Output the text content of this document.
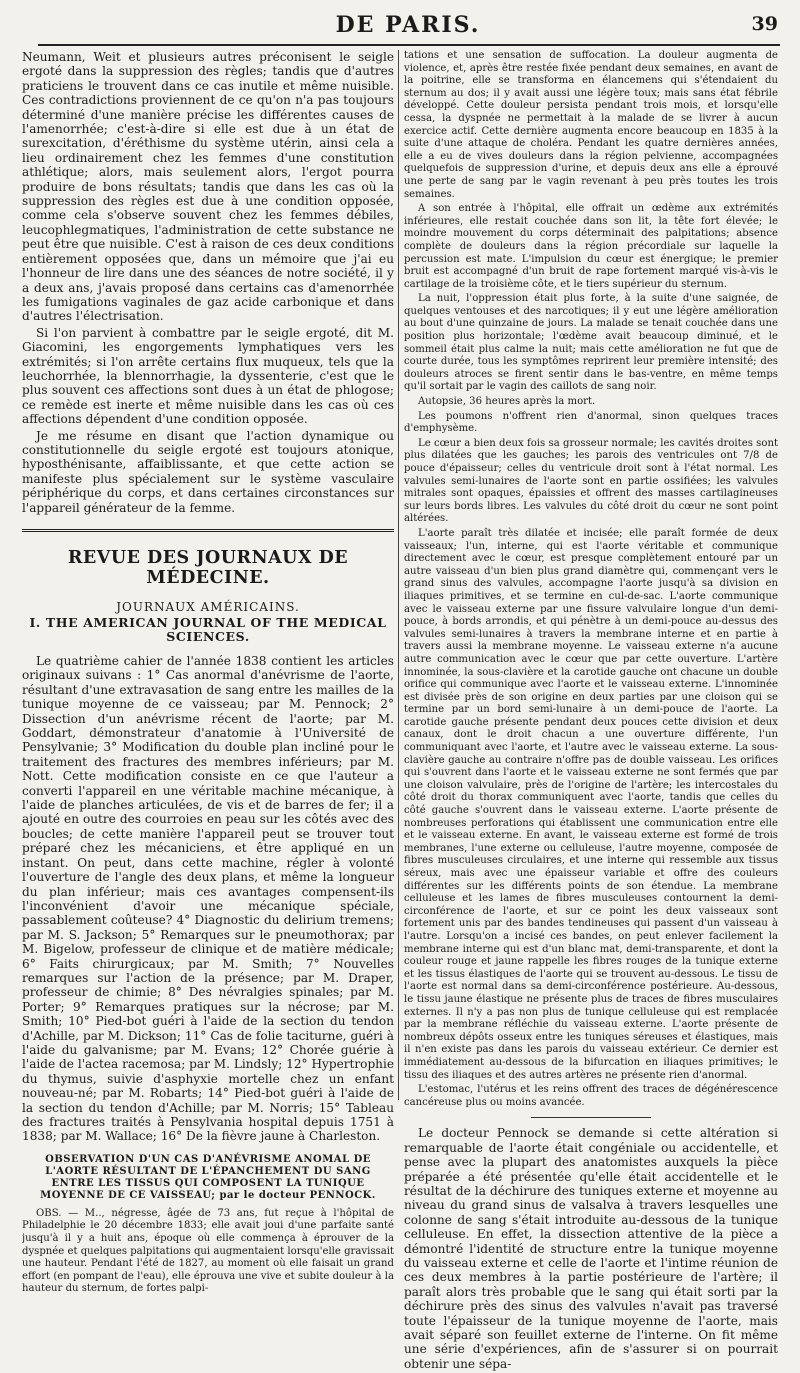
DE PARIS.	39

Neumann, Weit et plusieurs autres préconisent le seigle ergoté dans la suppression des règles; tandis que d'autres praticiens le trouvent dans ce cas inutile et même nuisible. Ces contradictions proviennent de ce qu'on n'a pas toujours déterminé d'une manière précise les différentes causes de l'amenorrhée; c'est-à-dire si elle est due à un état de surexcitation, d'éréthisme du système utérin, ainsi cela a lieu ordinairement chez les femmes d'une constitution athlétique; alors, mais seulement alors, l'ergot pourra produire de bons résultats; tandis que dans les cas où la suppression des règles est due à une condition opposée, comme cela s'observe souvent chez les femmes débiles, leucophlegmatiques, l'administration de cette substance ne peut être que nuisible. C'est à raison de ces deux conditions entièrement opposées que, dans un mémoire que j'ai eu l'honneur de lire dans une des séances de notre société, il y a deux ans, j'avais proposé dans certains cas d'amenorrhée les fumigations vaginales de gaz acide carbonique et dans d'autres l'électrisation.

Si l'on parvient à combattre par le seigle ergoté, dit M. Giacomini, les engorgements lymphatiques vers les extrémités; si l'on arrête certains flux muqueux, tels que la leuchorrhée, la blennorrhagie, la dyssenterie, c'est que le plus souvent ces affections sont dues à un état de phlogose; ce remède est inerte et même nuisible dans les cas où ces affections dépendent d'une condition opposée.

Je me résume en disant que l'action dynamique ou constitutionnelle du seigle ergoté est toujours atonique, hyposthénisante, affaiblissante, et que cette action se manifeste plus spécialement sur le système vasculaire périphérique du corps, et dans certaines circonstances sur l'appareil générateur de la femme.

REVUE DES JOURNAUX DE MÉDECINE.
JOURNAUX AMÉRICAINS.
I. THE AMERICAN JOURNAL OF THE MEDICAL SCIENCES.

Le quatrième cahier de l'année 1838 contient les articles originaux suivans : 1° Cas anormal d'anévrisme de l'aorte, résultant d'une extravasation de sang entre les mailles de la tunique moyenne de ce vaisseau; par M. Pennock; 2° Dissection d'un anévrisme récent de l'aorte; par M. Goddart, démonstrateur d'anatomie à l'Université de Pensylvanie; 3° Modification du double plan incliné pour le traitement des fractures des membres inférieurs; par M. Nott. Cette modification consiste en ce que l'auteur a converti l'appareil en une véritable machine mécanique, à l'aide de planches articulées, de vis et de barres de fer; il a ajouté en outre des courroies en peau sur les côtés avec des boucles; de cette manière l'appareil peut se trouver tout préparé chez les mécaniciens, et être appliqué en un instant. On peut, dans cette machine, régler à volonté l'ouverture de l'angle des deux plans, et même la longueur du plan inférieur; mais ces avantages compensent-ils l'inconvénient d'avoir une mécanique spéciale, passablement coûteuse? 4° Diagnostic du delirium tremens; par M. S. Jackson; 5° Remarques sur le pneumothorax; par M. Bigelow, professeur de clinique et de matière médicale; 6° Faits chirurgicaux; par M. Smith; 7° Nouvelles remarques sur l'action de la présence; par M. Draper, professeur de chimie; 8° Des névralgies spinales; par M. Porter; 9° Remarques pratiques sur la nécrose; par M. Smith; 10° Pied-bot guéri à l'aide de la section du tendon d'Achille, par M. Dickson; 11° Cas de folie taciturne, guéri à l'aide du galvanisme; par M. Evans; 12° Chorée guérie à l'aide de l'actea racemosa; par M. Lindsly; 12° Hypertrophie du thymus, suivie d'asphyxie mortelle chez un enfant nouveau-né; par M. Robarts; 14° Pied-bot guéri à l'aide de la section du tendon d'Achille; par M. Norris; 15° Tableau des fractures traités à Pensylvania hospital depuis 1751 à 1838; par M. Wallace; 16° De la fièvre jaune à Charleston.

OBSERVATION D'UN CAS D'ANÉVRISME ANOMAL DE L'AORTE RÉSULTANT DE L'ÉPANCHEMENT DU SANG ENTRE LES TISSUS QUI COMPOSENT LA TUNIQUE MOYENNE DE CE VAISSEAU; par le docteur PENNOCK.

OBS. — M.., négresse, âgée de 73 ans, fut reçue à l'hôpital de Philadelphie le 20 décembre 1833; elle avait joui d'une parfaite santé jusqu'à il y a huit ans, époque où elle commença à éprouver de la dyspnée et quelques palpitations qui augmentaient lorsqu'elle gravissait une hauteur. Pendant l'été de 1827, au moment où elle faisait un grand effort (en pompant de l'eau), elle éprouva une vive et subite douleur à la hauteur du sternum, de fortes palpi-

tations et une sensation de suffocation. La douleur augmenta de violence, et, après être restée fixée pendant deux semaines, en avant de la poitrine, elle se transforma en élancemens qui s'étendaient du sternum au dos; il y avait aussi une légère toux; mais sans état fébrile développé. Cette douleur persista pendant trois mois, et lorsqu'elle cessa, la dyspnée ne permettait à la malade de se livrer à aucun exercice actif. Cette dernière augmenta encore beaucoup en 1835 à la suite d'une attaque de choléra. Pendant les quatre dernières années, elle a eu de vives douleurs dans la région pelvienne, accompagnées quelquefois de suppression d'urine, et depuis deux ans elle a éprouvé une perte de sang par le vagin revenant à peu près toutes les trois semaines.

A son entrée à l'hôpital, elle offrait un œdème aux extrémités inférieures, elle restait couchée dans son lit, la tête fort élevée; le moindre mouvement du corps déterminait des palpitations; absence complète de douleurs dans la région précordiale sur laquelle la percussion est mate. L'impulsion du cœur est énergique; le premier bruit est accompagné d'un bruit de rape fortement marqué vis-à-vis le cartilage de la troisième côte, et le tiers supérieur du sternum.

La nuit, l'oppression était plus forte, à la suite d'une saignée, de quelques ventouses et des narcotiques; il y eut une légère amélioration au bout d'une quinzaine de jours. La malade se tenait couchée dans une position plus horizontale; l'œdème avait beaucoup diminué, et le sommeil était plus calme la nuit; mais cette amélioration ne fut que de courte durée, tous les symptômes reprirent leur première intensité; des douleurs atroces se firent sentir dans le bas-ventre, en même temps qu'il sortait par le vagin des caillots de sang noir.

Autopsie, 36 heures après la mort.

Les poumons n'offrent rien d'anormal, sinon quelques traces d'emphysème.

Le cœur a bien deux fois sa grosseur normale; les cavités droites sont plus dilatées que les gauches; les parois des ventricules ont 7/8 de pouce d'épaisseur; celles du ventricule droit sont à l'état normal. Les valvules semi-lunaires de l'aorte sont en partie ossifiées; les valvules mitrales sont opaques, épaissies et offrent des masses cartilagineuses sur leurs bords libres. Les valvules du côté droit du cœur ne sont point altérées.

L'aorte paraît très dilatée et incisée; elle paraît formée de deux vaisseaux; l'un, interne, qui est l'aorte véritable et communique directement avec le cœur, est presque complètement entouré par un autre vaisseau d'un bien plus grand diamètre qui, commençant vers le grand sinus des valvules, accompagne l'aorte jusqu'à sa division en iliaques primitives, et se termine en cul-de-sac. L'aorte communique avec le vaisseau externe par une fissure valvulaire longue d'un demi-pouce, à bords arrondis, et qui pénètre à un demi-pouce au-dessus des valvules semi-lunaires à travers la membrane interne et en partie à travers aussi la membrane moyenne. Le vaisseau externe n'a aucune autre communication avec le cœur que par cette ouverture. L'artère innominée, la sous-clavière et la carotide gauche ont chacune un double orifice qui communique avec l'aorte et le vaisseau externe. L'innominée est divisée près de son origine en deux parties par une cloison qui se termine par un bord semi-lunaire à un demi-pouce de l'aorte. La carotide gauche présente pendant deux pouces cette division et deux canaux, dont le droit chacun a une ouverture différente, l'un communiquant avec l'aorte, et l'autre avec le vaisseau externe. La sous-clavière gauche au contraire n'offre pas de double vaisseau. Les orifices qui s'ouvrent dans l'aorte et le vaisseau externe ne sont fermés que par une cloison valvulaire, près de l'origine de l'artère; les intercostales du côté droit du thorax communiquent avec l'aorte, tandis que celles du côté gauche s'ouvrent dans le vaisseau externe. L'aorte présente de nombreuses perforations qui établissent une communication entre elle et le vaisseau externe. En avant, le vaisseau externe est formé de trois membranes, l'une externe ou celluleuse, l'autre moyenne, composée de fibres musculeuses circulaires, et une interne qui ressemble aux tissus séreux, mais avec une épaisseur variable et offre des couleurs différentes sur les différents points de son étendue. La membrane celluleuse et les lames de fibres musculeuses contournent la demi-circonférence de l'aorte, et sur ce point les deux vaisseaux sont fortement unis par des bandes tendineuses qui passent d'un vaisseau à l'autre. Lorsqu'on a incisé ces bandes, on peut enlever facilement la membrane interne qui est d'un blanc mat, demi-transparente, et dont la couleur rouge et jaune rappelle les fibres rouges de la tunique externe et les tissus élastiques de l'aorte qui se trouvent au-dessous. Le tissu de l'aorte est normal dans sa demi-circonférence postérieure. Au-dessous, le tissu jaune élastique ne présente plus de traces de fibres musculaires externes. Il n'y a pas non plus de tunique celluleuse qui est remplacée par la membrane réfléchie du vaisseau externe. L'aorte présente de nombreux dépôts osseux entre les tuniques séreuses et élastiques, mais il n'en existe pas dans les parois du vaisseau extérieur. Ce dernier est immédiatement au-dessous de la bifurcation en iliaques primitives; le tissu des iliaques et des autres artères ne présente rien d'anormal.

L'estomac, l'utérus et les reins offrent des traces de dégénérescence cancéreuse plus ou moins avancée.

Le docteur Pennock se demande si cette altération si remarquable de l'aorte était congéniale ou accidentelle, et pense avec la plupart des anatomistes auxquels la pièce préparée a été présentée qu'elle était accidentelle et le résultat de la déchirure des tuniques externe et moyenne au niveau du grand sinus de valsalva à travers lesquelles une colonne de sang s'était introduite au-dessous de la tunique celluleuse. En effet, la dissection attentive de la pièce a démontré l'identité de structure entre la tunique moyenne du vaisseau externe et celle de l'aorte et l'intime réunion de ces deux membres à la partie postérieure de l'artère; il paraît alors très probable que le sang qui était sorti par la déchirure près des sinus des valvules n'avait pas traversé toute l'épaisseur de la tunique moyenne de l'aorte, mais avait séparé son feuillet externe de l'interne. On fit même une série d'expériences, afin de s'assurer si on pourrait obtenir une sépa-
